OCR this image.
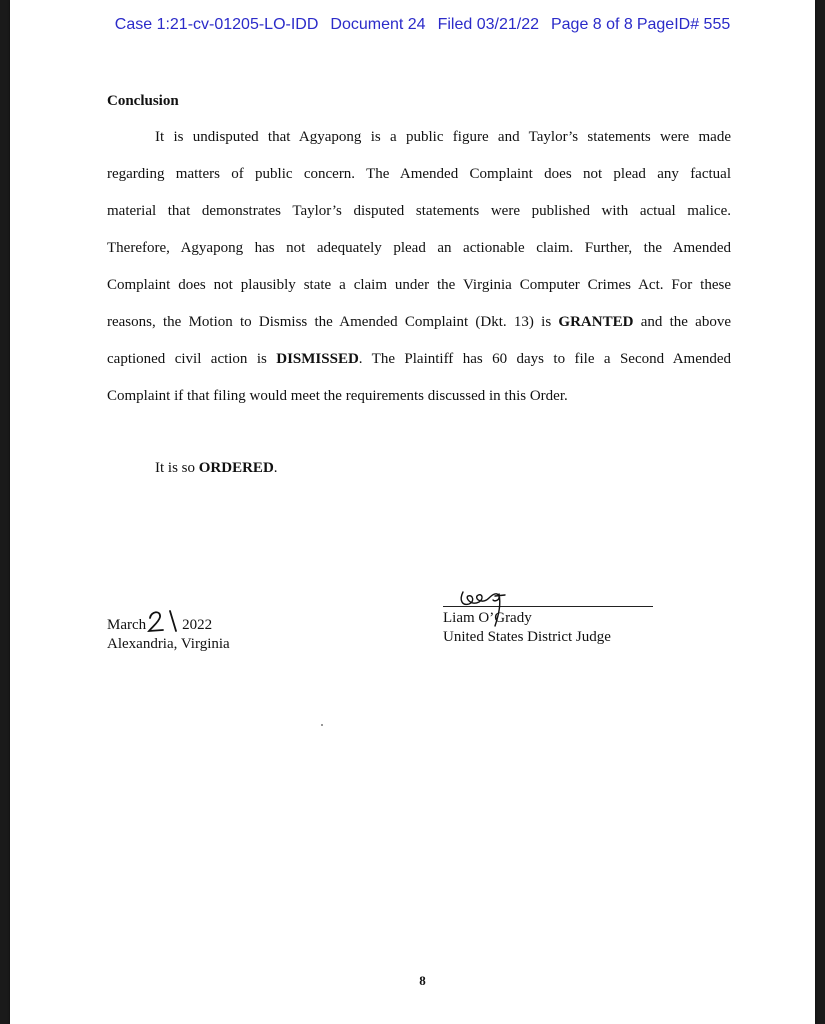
Case 1:21-cv-01205-LO-IDD Document 24 Filed 03/21/22 Page 8 of 8 PageID# 555
Conclusion
It is undisputed that Agyapong is a public figure and Taylor’s statements were made
regarding matters of public concern. The Amended Complaint does not plead any factual
material that demonstrates Taylor’s disputed statements were published with actual malice.
Therefore, Agyapong has not adequately plead an actionable claim. Further, the Amended
Complaint does not plausibly state a claim under the Virginia Computer Crimes Act. For these
reasons, the Motion to Dismiss the Amended Complaint (Dkt. 13) is GRANTED and the above
captioned civil action is DISMISSED. The Plaintiff has 60 days to file a Second Amended
Complaint if that filing would meet the requirements discussed in this Order.
It is so ORDERED.
March 2022
Alexandria, Virginia
Liam O’Grady
United States District Judge
8
